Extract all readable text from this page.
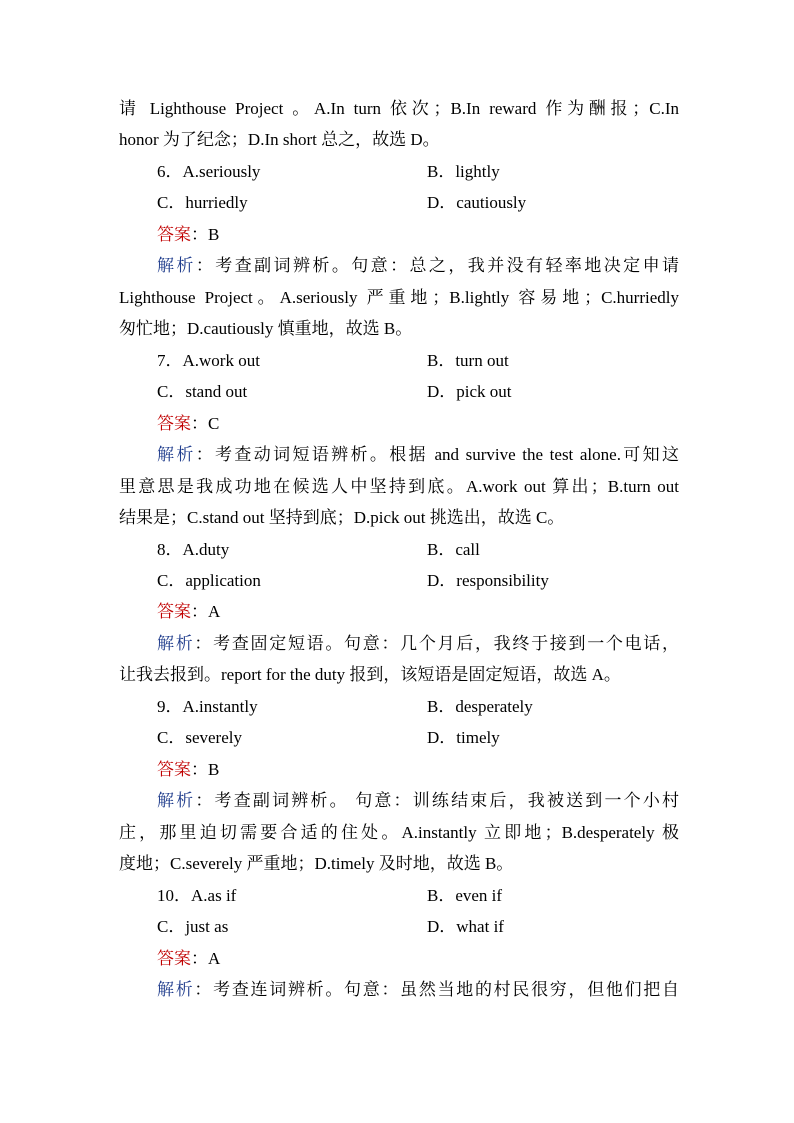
请 Lighthouse Project 。A.In turn 依次；B.In reward 作为酬报；C.In
honor 为了纪念；D.In short 总之，故选 D。
6．A.seriously	B．lightly
C．hurriedly	D．cautiously
答案：B
解析：考查副词辨析。句意：总之，我并没有轻率地决定申请
Lighthouse Project。A.seriously 严重地；B.lightly 容易地；C.hurriedly
匆忙地；D.cautiously 慎重地，故选 B。
7．A.work out	B．turn out
C．stand out	D．pick out
答案：C
解析：考查动词短语辨析。根据 and survive the test alone.可知这
里意思是我成功地在候选人中坚持到底。A.work out 算出；B.turn out
结果是；C.stand out 坚持到底；D.pick out 挑选出，故选 C。
8．A.duty	B．call
C．application	D．responsibility
答案：A
解析：考查固定短语。句意：几个月后，我终于接到一个电话，
让我去报到。report for the duty 报到，该短语是固定短语，故选 A。
9．A.instantly	B．desperately
C．severely	D．timely
答案：B
解析：考查副词辨析。 句意：训练结束后，我被送到一个小村
庄，那里迫切需要合适的住处。A.instantly 立即地；B.desperately 极
度地；C.severely 严重地；D.timely 及时地，故选 B。
10．A.as if	B．even if
C．just as	D．what if
答案：A
解析：考查连词辨析。句意：虽然当地的村民很穷，但他们把自
